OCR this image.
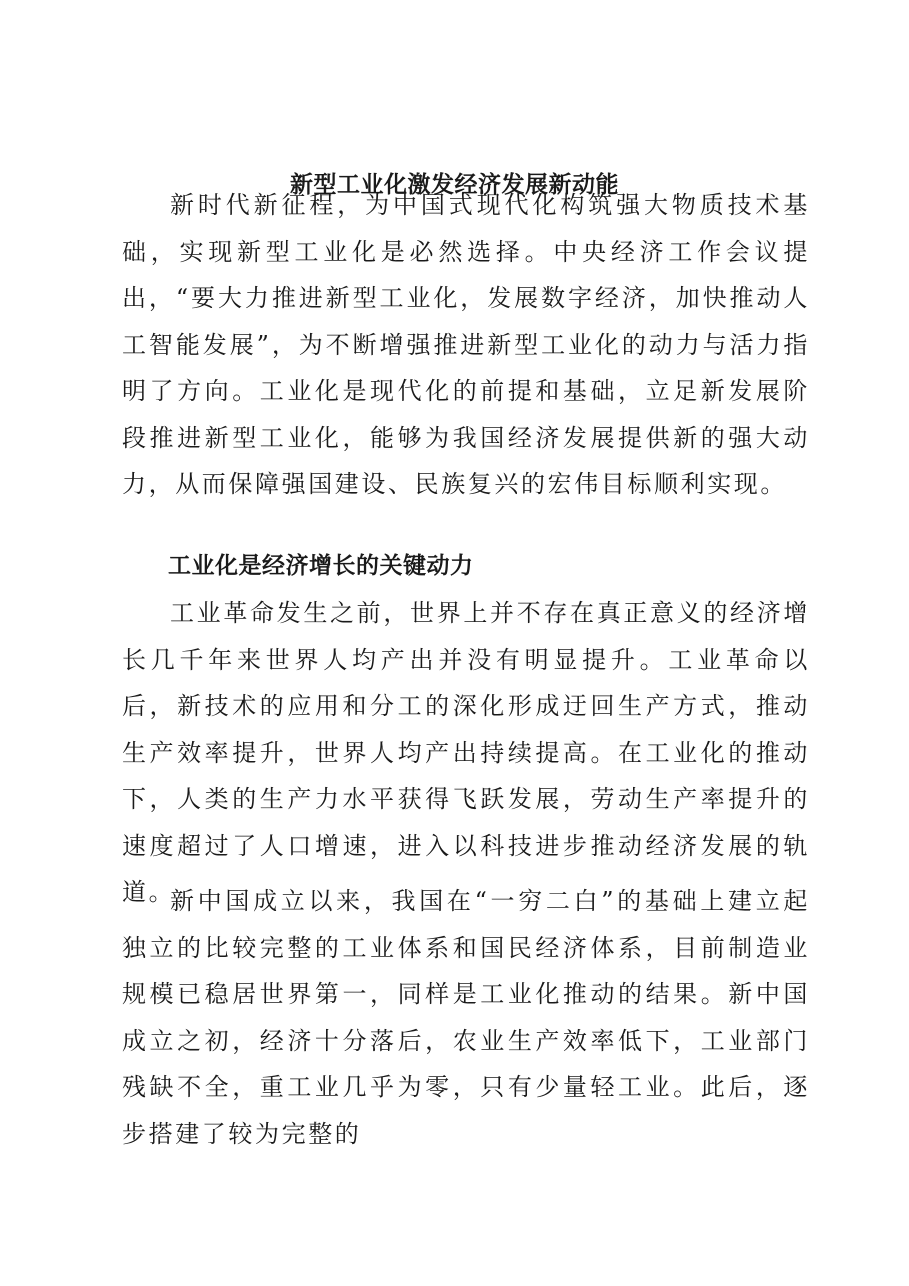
新型工业化激发经济发展新动能

新时代新征程，为中国式现代化构筑强大物质技术基础，实现新型工业化是必然选择。中央经济工作会议提出，“要大力推进新型工业化，发展数字经济，加快推动人工智能发展”，为不断增强推进新型工业化的动力与活力指明了方向。工业化是现代化的前提和基础，立足新发展阶段推进新型工业化，能够为我国经济发展提供新的强大动力，从而保障强国建设、民族复兴的宏伟目标顺利实现。

工业化是经济增长的关键动力

工业革命发生之前，世界上并不存在真正意义的经济增长几千年来世界人均产出并没有明显提升。工业革命以后，新技术的应用和分工的深化形成迂回生产方式，推动生产效率提升，世界人均产出持续提高。在工业化的推动下，人类的生产力水平获得飞跃发展，劳动生产率提升的速度超过了人口增速，进入以科技进步推动经济发展的轨道。

新中国成立以来，我国在“一穷二白”的基础上建立起独立的比较完整的工业体系和国民经济体系，目前制造业规模已稳居世界第一，同样是工业化推动的结果。新中国成立之初，经济十分落后，农业生产效率低下，工业部门残缺不全，重工业几乎为零，只有少量轻工业。此后，逐步搭建了较为完整的
